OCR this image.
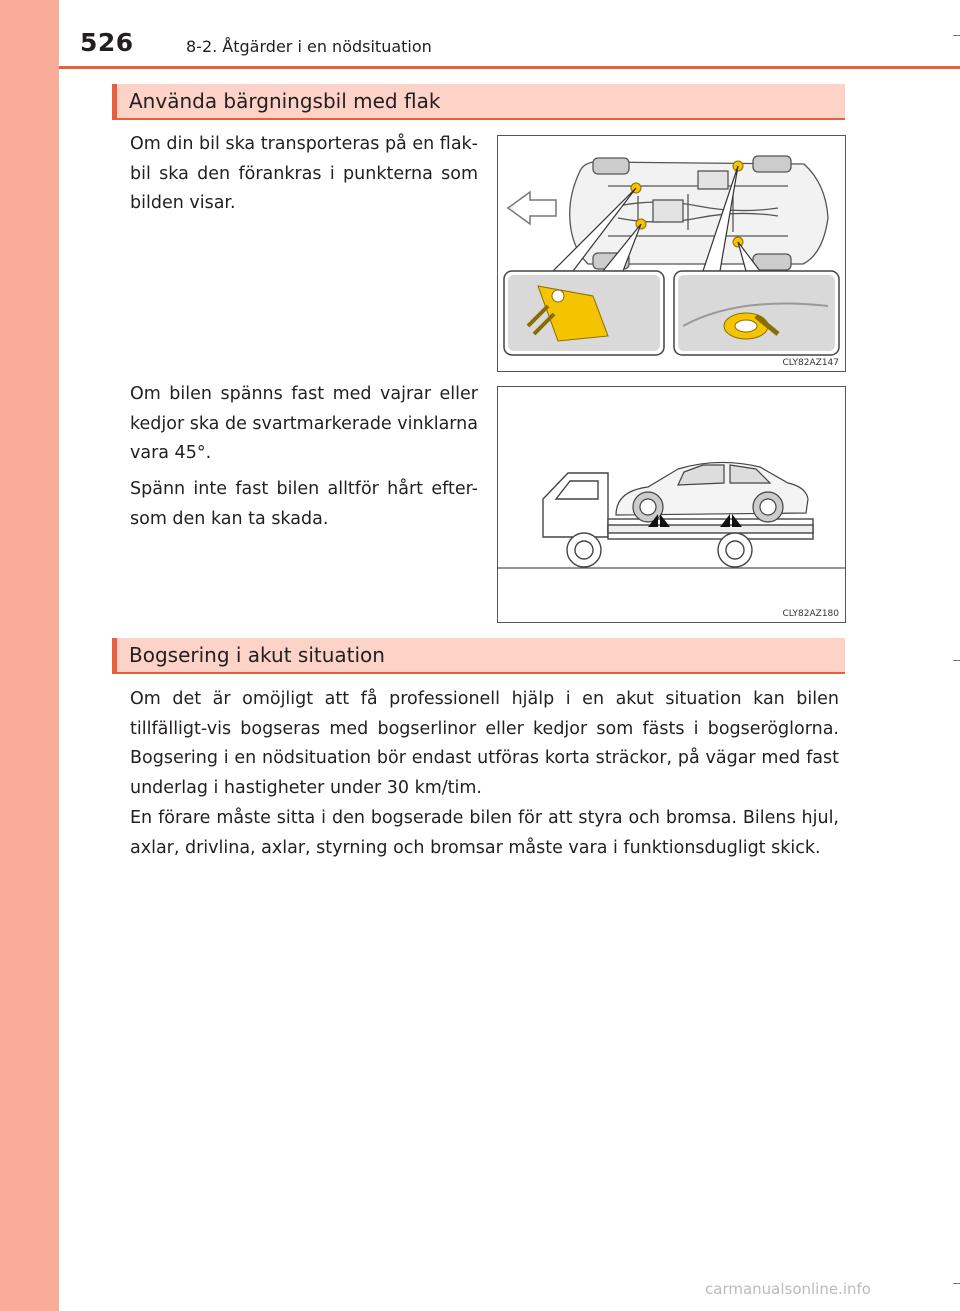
526	8-2. Åtgärder i en nödsituation
Använda bärgningsbil med flak

Om din bil ska transporteras på en flak-bil ska den förankras i punkterna som bilden visar.

CLY82AZ147

Om bilen spänns fast med vajrar eller kedjor ska de svartmarkerade vinklarna vara 45°.

Spänn inte fast bilen alltför hårt efter-som den kan ta skada.

CLY82AZ180
Bogsering i akut situation

Om det är omöjligt att få professionell hjälp i en akut situation kan bilen tillfälligt-vis bogseras med bogserlinor eller kedjor som fästs i bogseröglorna. Bogsering i en nödsituation bör endast utföras korta sträckor, på vägar med fast underlag i hastigheter under 30 km/tim.

En förare måste sitta i den bogserade bilen för att styra och bromsa. Bilens hjul, axlar, drivlina, axlar, styrning och bromsar måste vara i funktionsdugligt skick.

carmanualsonline.info
